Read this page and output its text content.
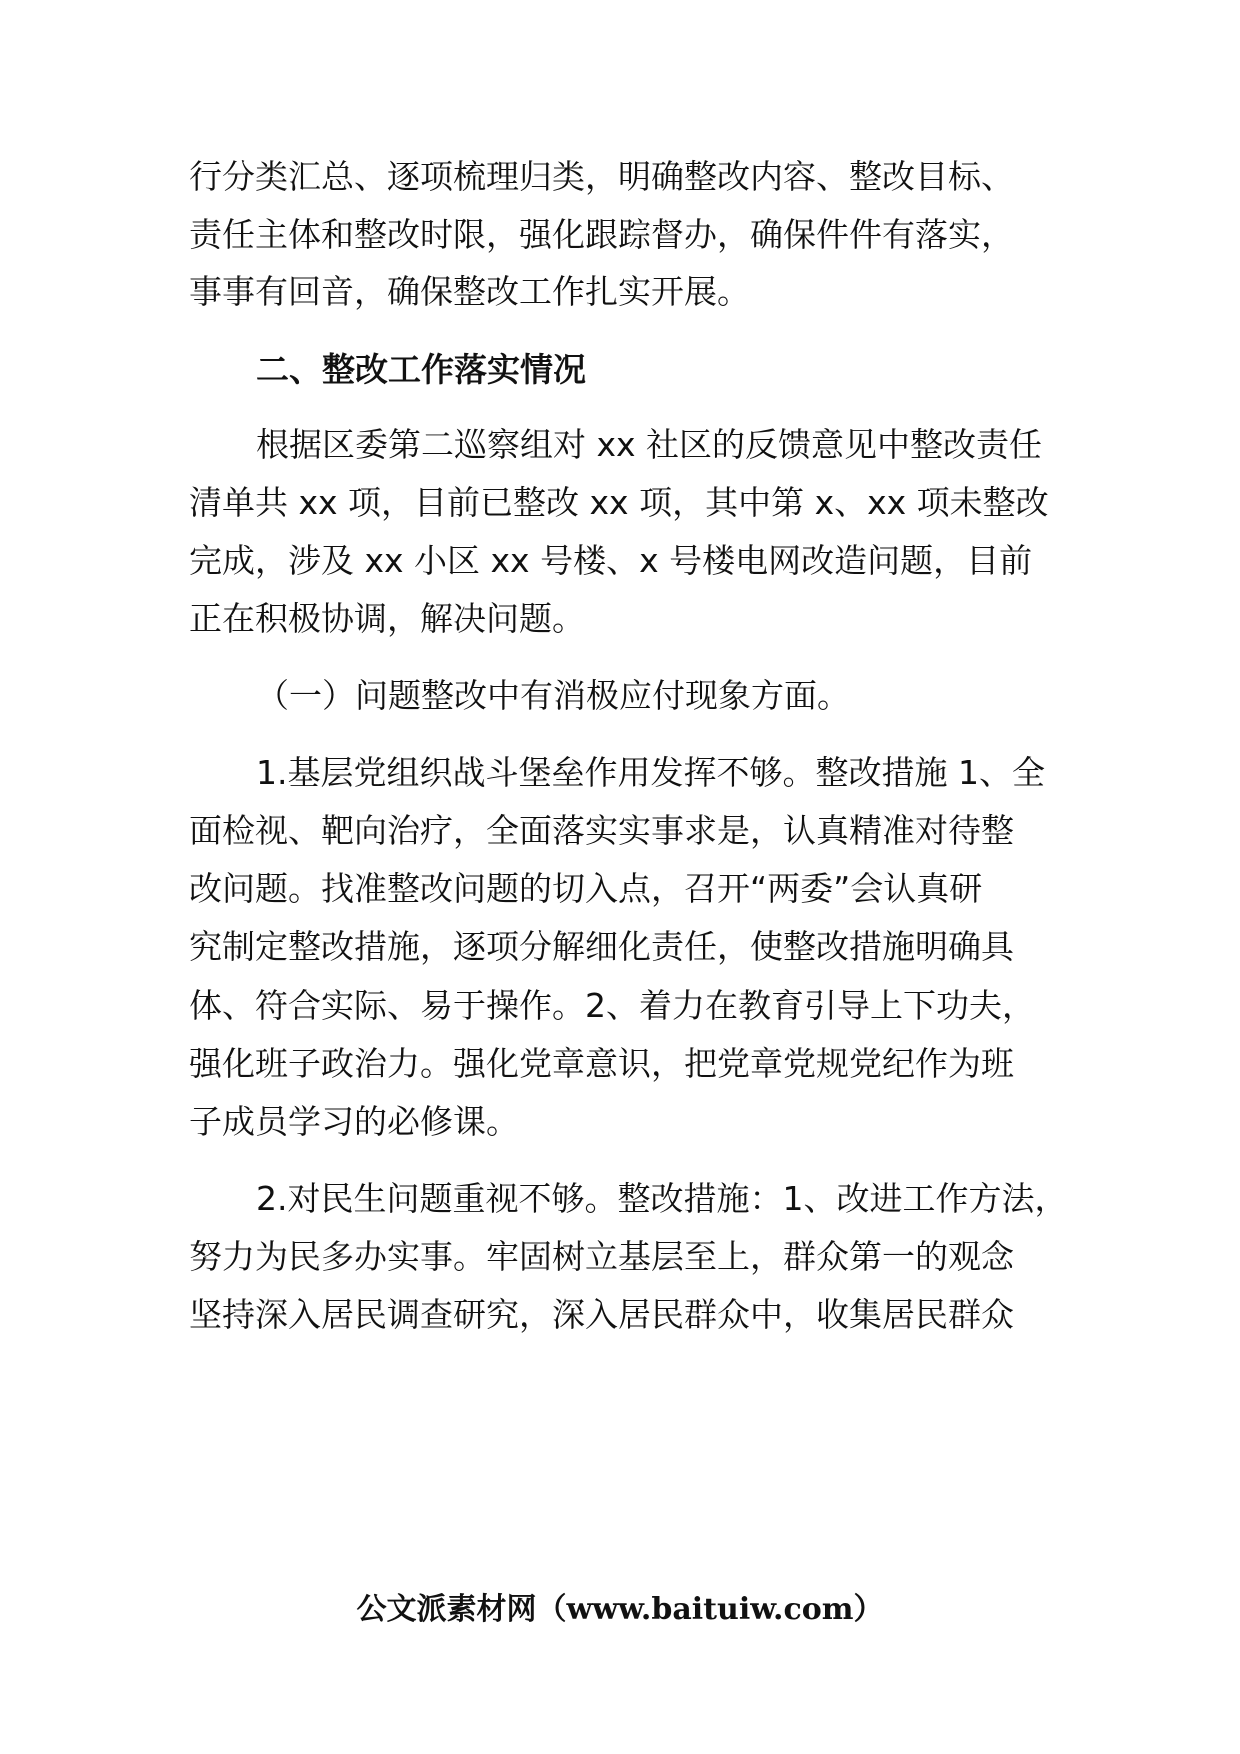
行分类汇总、逐项梳理归类，明确整改内容、整改目标、
责任主体和整改时限，强化跟踪督办，确保件件有落实，
事事有回音，确保整改工作扎实开展。
二、整改工作落实情况
根据区委第二巡察组对 xx 社区的反馈意见中整改责任
清单共 xx 项，目前已整改 xx 项，其中第 x、xx 项未整改
完成，涉及 xx 小区 xx 号楼、x 号楼电网改造问题，目前
正在积极协调，解决问题。
（一）问题整改中有消极应付现象方面。
1.基层党组织战斗堡垒作用发挥不够。整改措施 1、全
面检视、靶向治疗，全面落实实事求是，认真精准对待整
改问题。找准整改问题的切入点，召开“两委”会认真研
究制定整改措施，逐项分解细化责任，使整改措施明确具
体、符合实际、易于操作。2、着力在教育引导上下功夫，
强化班子政治力。强化党章意识，把党章党规党纪作为班
子成员学习的必修课。
2.对民生问题重视不够。整改措施：1、改进工作方法，
努力为民多办实事。牢固树立基层至上，群众第一的观念
坚持深入居民调查研究，深入居民群众中，收集居民群众
公文派素材网（www.baituiw.com）
